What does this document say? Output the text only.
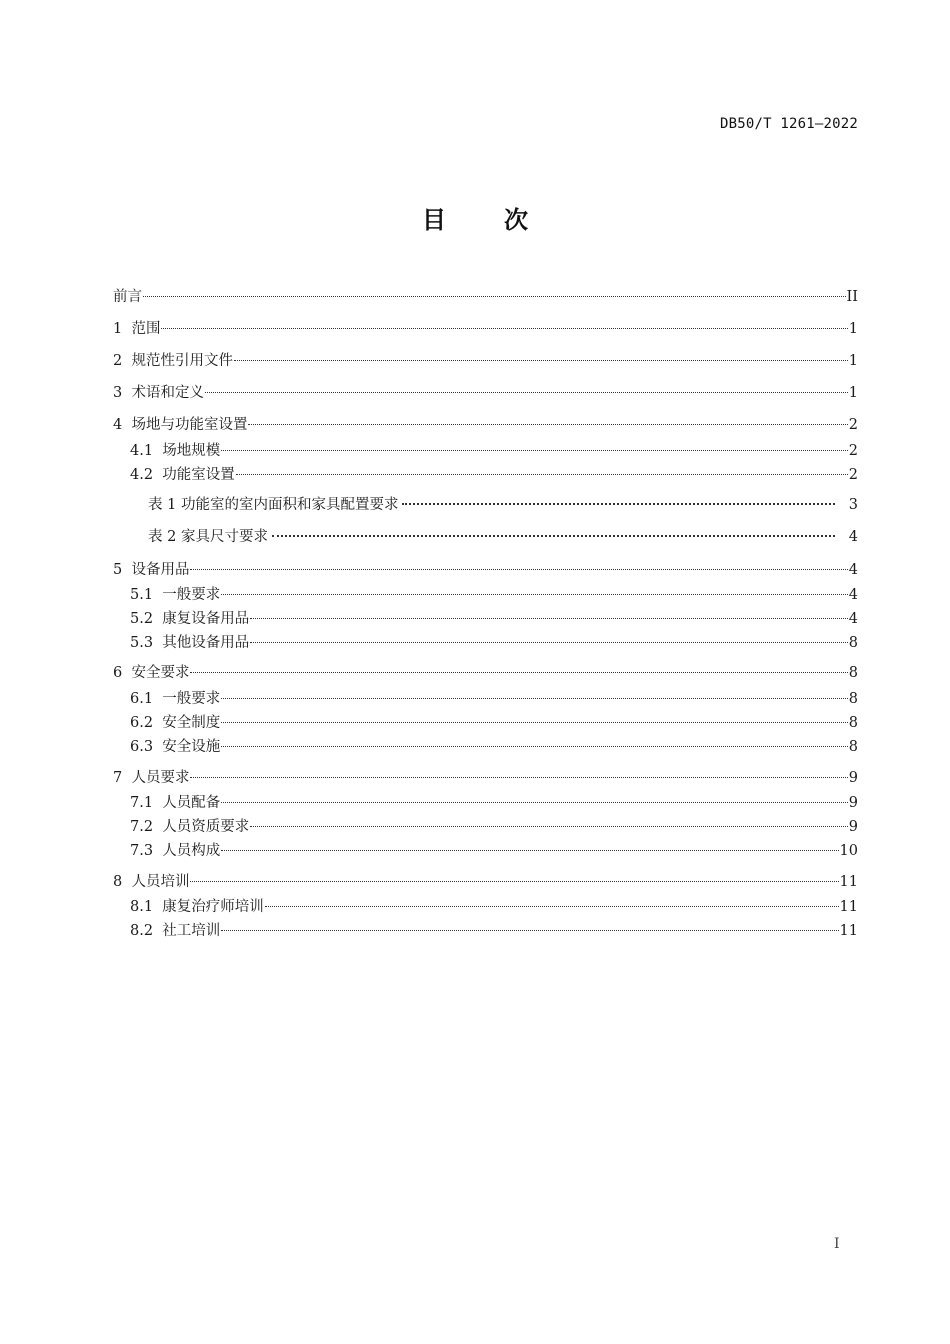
DB50/T 1261—2022
目 次
前言	II
1  范围	1
2  规范性引用文件	1
3  术语和定义	1
4  场地与功能室设置	2
4.1  场地规模	2
4.2  功能室设置	2
表 1 功能室的室内面积和家具配置要求	3
表 2 家具尺寸要求	4
5  设备用品	4
5.1  一般要求	4
5.2  康复设备用品	4
5.3  其他设备用品	8
6  安全要求	8
6.1  一般要求	8
6.2  安全制度	8
6.3  安全设施	8
7  人员要求	9
7.1  人员配备	9
7.2  人员资质要求	9
7.3  人员构成	10
8  人员培训	11
8.1  康复治疗师培训	11
8.2  社工培训	11
I
